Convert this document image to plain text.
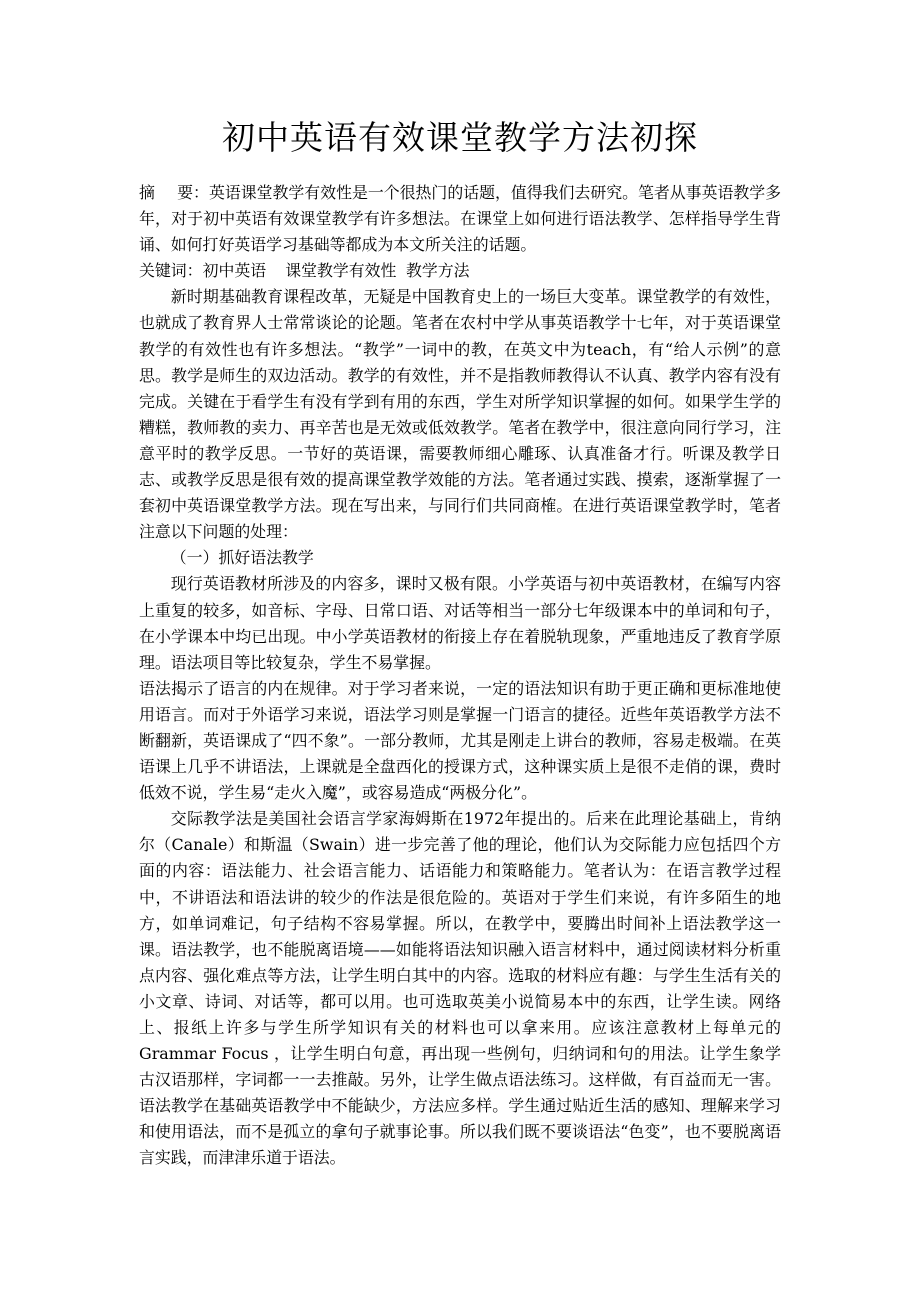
初中英语有效课堂教学方法初探

摘 要：英语课堂教学有效性是一个很热门的话题，值得我们去研究。笔者从事英语教学多年，对于初中英语有效课堂教学有许多想法。在课堂上如何进行语法教学、怎样指导学生背诵、如何打好英语学习基础等都成为本文所关注的话题。

关键词：初中英语 课堂教学有效性 教学方法

新时期基础教育课程改革，无疑是中国教育史上的一场巨大变革。课堂教学的有效性，也就成了教育界人士常常谈论的论题。笔者在农村中学从事英语教学十七年，对于英语课堂教学的有效性也有许多想法。“教学”一词中的教，在英文中为teach，有“给人示例”的意思。教学是师生的双边活动。教学的有效性，并不是指教师教得认不认真、教学内容有没有完成。关键在于看学生有没有学到有用的东西，学生对所学知识掌握的如何。如果学生学的糟糕，教师教的卖力、再辛苦也是无效或低效教学。笔者在教学中，很注意向同行学习，注意平时的教学反思。一节好的英语课，需要教师细心雕琢、认真准备才行。听课及教学日志、或教学反思是很有效的提高课堂教学效能的方法。笔者通过实践、摸索，逐渐掌握了一套初中英语课堂教学方法。现在写出来，与同行们共同商榷。在进行英语课堂教学时，笔者注意以下问题的处理：

（一）抓好语法教学

现行英语教材所涉及的内容多，课时又极有限。小学英语与初中英语教材，在编写内容上重复的较多，如音标、字母、日常口语、对话等相当一部分七年级课本中的单词和句子，在小学课本中均已出现。中小学英语教材的衔接上存在着脱轨现象，严重地违反了教育学原理。语法项目等比较复杂，学生不易掌握。

语法揭示了语言的内在规律。对于学习者来说，一定的语法知识有助于更正确和更标准地使用语言。而对于外语学习来说，语法学习则是掌握一门语言的捷径。近些年英语教学方法不断翻新，英语课成了“四不象”。一部分教师，尤其是刚走上讲台的教师，容易走极端。在英语课上几乎不讲语法，上课就是全盘西化的授课方式，这种课实质上是很不走俏的课，费时低效不说，学生易“走火入魔”，或容易造成“两极分化”。

交际教学法是美国社会语言学家海姆斯在1972年提出的。后来在此理论基础上，肯纳尔（Canale）和斯温（Swain）进一步完善了他的理论，他们认为交际能力应包括四个方面的内容：语法能力、社会语言能力、话语能力和策略能力。笔者认为：在语言教学过程中，不讲语法和语法讲的较少的作法是很危险的。英语对于学生们来说，有许多陌生的地方，如单词难记，句子结构不容易掌握。所以，在教学中，要腾出时间补上语法教学这一课。语法教学，也不能脱离语境——如能将语法知识融入语言材料中，通过阅读材料分析重点内容、强化难点等方法，让学生明白其中的内容。选取的材料应有趣：与学生生活有关的小文章、诗词、对话等，都可以用。也可选取英美小说简易本中的东西，让学生读。网络上、报纸上许多与学生所学知识有关的材料也可以拿来用。应该注意教材上每单元的Grammar Focus ，让学生明白句意，再出现一些例句，归纳词和句的用法。让学生象学古汉语那样，字词都一一去推敲。另外，让学生做点语法练习。这样做，有百益而无一害。语法教学在基础英语教学中不能缺少，方法应多样。学生通过贴近生活的感知、理解来学习和使用语法，而不是孤立的拿句子就事论事。所以我们既不要谈语法“色变”，也不要脱离语言实践，而津津乐道于语法。
